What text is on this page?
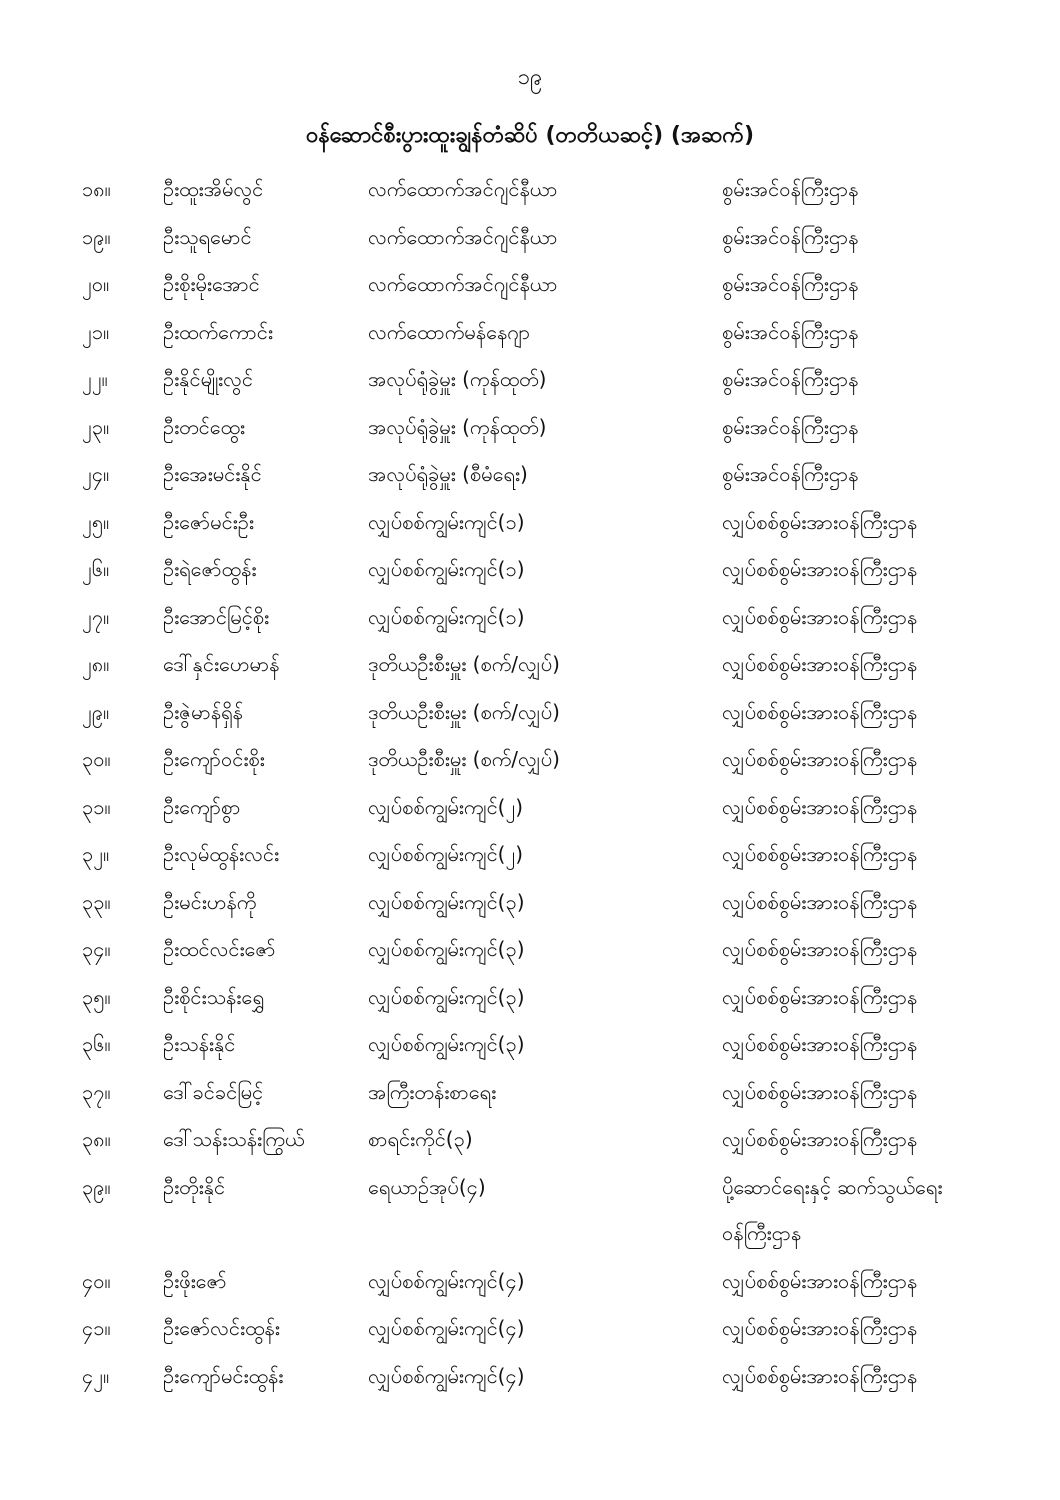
၁၉
ဝန်ဆောင်စီးပွားထူးချွန်တံဆိပ် (တတိယဆင့်) (အဆက်)
၁၈။	ဦးထူးအိမ်လွင်	လက်ထောက်အင်ဂျင်နီယာ	စွမ်းအင်ဝန်ကြီးဌာန
၁၉။	ဦးသူရမောင်	လက်ထောက်အင်ဂျင်နီယာ	စွမ်းအင်ဝန်ကြီးဌာန
၂၀။	ဦးစိုးမိုးအောင်	လက်ထောက်အင်ဂျင်နီယာ	စွမ်းအင်ဝန်ကြီးဌာန
၂၁။	ဦးထက်ကောင်း	လက်ထောက်မန်နေဂျာ	စွမ်းအင်ဝန်ကြီးဌာန
၂၂။	ဦးနိုင်မျိုးလွင်	အလုပ်ရုံခွဲမှူး (ကုန်ထုတ်)	စွမ်းအင်ဝန်ကြီးဌာန
၂၃။	ဦးတင်ထွေး	အလုပ်ရုံခွဲမှူး (ကုန်ထုတ်)	စွမ်းအင်ဝန်ကြီးဌာန
၂၄။	ဦးအေးမင်းနိုင်	အလုပ်ရုံခွဲမှူး (စီမံရေး)	စွမ်းအင်ဝန်ကြီးဌာန
၂၅။	ဦးဇော်မင်းဦး	လျှပ်စစ်ကျွမ်းကျင်(၁)	လျှပ်စစ်စွမ်းအားဝန်ကြီးဌာန
၂၆။	ဦးရဲဇော်ထွန်း	လျှပ်စစ်ကျွမ်းကျင်(၁)	လျှပ်စစ်စွမ်းအားဝန်ကြီးဌာန
၂၇။	ဦးအောင်မြင့်စိုး	လျှပ်စစ်ကျွမ်းကျင်(၁)	လျှပ်စစ်စွမ်းအားဝန်ကြီးဌာန
၂၈။	ဒေါ်နှင်းဟေမာန်	ဒုတိယဦးစီးမှူး (စက်/လျှပ်)	လျှပ်စစ်စွမ်းအားဝန်ကြီးဌာန
၂၉။	ဦးဇွဲမာန်ရှိန်	ဒုတိယဦးစီးမှူး (စက်/လျှပ်)	လျှပ်စစ်စွမ်းအားဝန်ကြီးဌာန
၃၀။	ဦးကျော်ဝင်းစိုး	ဒုတိယဦးစီးမှူး (စက်/လျှပ်)	လျှပ်စစ်စွမ်းအားဝန်ကြီးဌာန
၃၁။	ဦးကျော်စွာ	လျှပ်စစ်ကျွမ်းကျင်(၂)	လျှပ်စစ်စွမ်းအားဝန်ကြီးဌာန
၃၂။	ဦးလုမ်ထွန်းလင်း	လျှပ်စစ်ကျွမ်းကျင်(၂)	လျှပ်စစ်စွမ်းအားဝန်ကြီးဌာန
၃၃။	ဦးမင်းဟန်ကို	လျှပ်စစ်ကျွမ်းကျင်(၃)	လျှပ်စစ်စွမ်းအားဝန်ကြီးဌာန
၃၄။	ဦးထင်လင်းဇော်	လျှပ်စစ်ကျွမ်းကျင်(၃)	လျှပ်စစ်စွမ်းအားဝန်ကြီးဌာန
၃၅။	ဦးစိုင်းသန်းရွှေ	လျှပ်စစ်ကျွမ်းကျင်(၃)	လျှပ်စစ်စွမ်းအားဝန်ကြီးဌာန
၃၆။	ဦးသန်းနိုင်	လျှပ်စစ်ကျွမ်းကျင်(၃)	လျှပ်စစ်စွမ်းအားဝန်ကြီးဌာန
၃၇။	ဒေါ်ခင်ခင်မြင့်	အကြီးတန်းစာရေး	လျှပ်စစ်စွမ်းအားဝန်ကြီးဌာန
၃၈။	ဒေါ်သန်းသန်းကြွယ်	စာရင်းကိုင်(၃)	လျှပ်စစ်စွမ်းအားဝန်ကြီးဌာန
၃၉။	ဦးတိုးနိုင်	ရေယာဉ်အုပ်(၄)	ပို့ဆောင်ရေးနှင့် ဆက်သွယ်ရေး ဝန်ကြီးဌာန
၄၀။	ဦးဖိုးဇော်	လျှပ်စစ်ကျွမ်းကျင်(၄)	လျှပ်စစ်စွမ်းအားဝန်ကြီးဌာန
၄၁။	ဦးဇော်လင်းထွန်း	လျှပ်စစ်ကျွမ်းကျင်(၄)	လျှပ်စစ်စွမ်းအားဝန်ကြီးဌာန
၄၂။	ဦးကျော်မင်းထွန်း	လျှပ်စစ်ကျွမ်းကျင်(၄)	လျှပ်စစ်စွမ်းအားဝန်ကြီးဌာန
